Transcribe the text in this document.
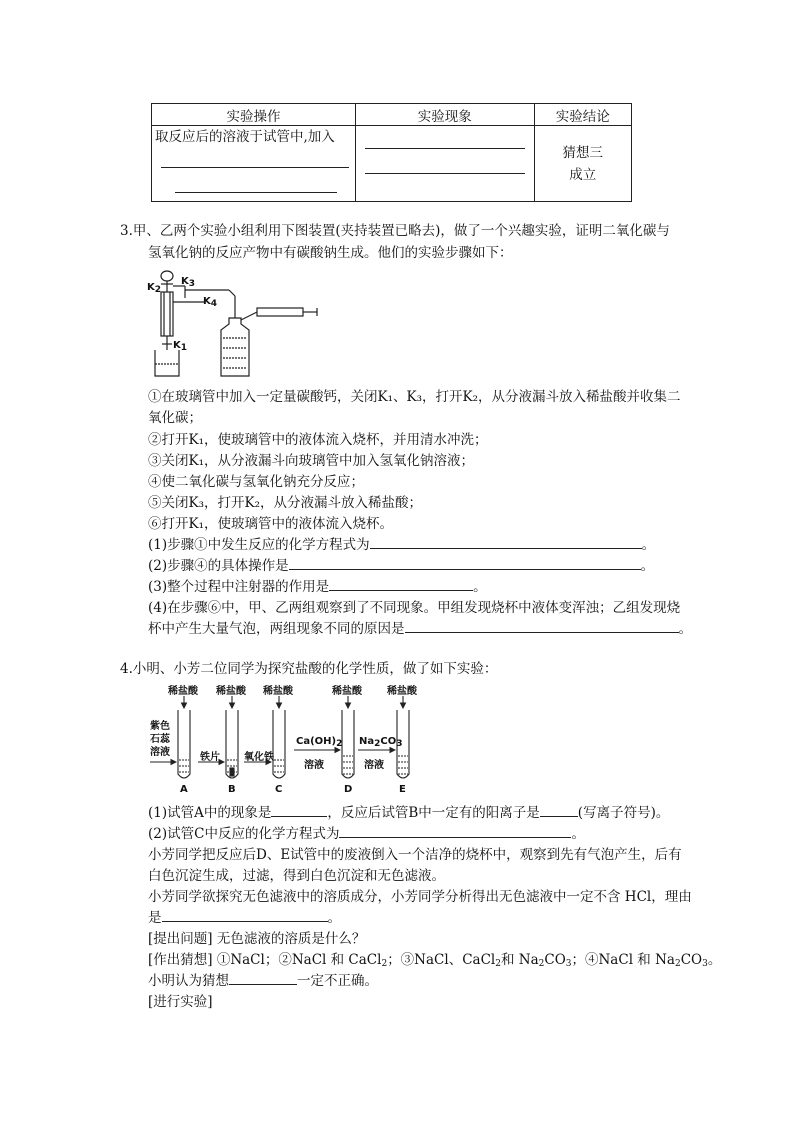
实验操作	实验现象	实验结论

取反应后的溶液于试管中,加入		猜想三
成立
3.甲、乙两个实验小组利用下图装置(夹持装置已略去)，做了一个兴趣实验，证明二氧化碳与
氢氧化钠的反应产物中有碳酸钠生成。他们的实验步骤如下：
K2
K3
K4
K1
①在玻璃管中加入一定量碳酸钙，关闭K₁、K₃，打开K₂，从分液漏斗放入稀盐酸并收集二
氧化碳；
②打开K₁，使玻璃管中的液体流入烧杯，并用清水冲洗；
③关闭K₁，从分液漏斗向玻璃管中加入氢氧化钠溶液；
④使二氧化碳与氢氧化钠充分反应；
⑤关闭K₃，打开K₂，从分液漏斗放入稀盐酸；
⑥打开K₁，使玻璃管中的液体流入烧杯。
(1)步骤①中发生反应的化学方程式为	。
(2)步骤④的具体操作是	。
(3)整个过程中注射器的作用是	。
(4)在步骤⑥中，甲、乙两组观察到了不同现象。甲组发现烧杯中液体变浑浊；乙组发现烧
杯中产生大量气泡，两组现象不同的原因是	。
4.小明、小芳二位同学为探究盐酸的化学性质，做了如下实验：
稀盐酸 稀盐酸 稀盐酸	稀盐酸	稀盐酸
紫色
石蕊
溶液	铁片 氧化铁
Ca(OH)2
溶液
Na2CO3
溶液
A	B	C	D	E
(1)试管A中的现象是	，反应后试管B中一定有的阳离子是	(写离子符号)。
(2)试管C中反应的化学方程式为	。
小芳同学把反应后D、E试管中的废液倒入一个洁净的烧杯中，观察到先有气泡产生，后有
白色沉淀生成，过滤，得到白色沉淀和无色滤液。
小芳同学欲探究无色滤液中的溶质成分，小芳同学分析得出无色滤液中一定不含 HCl，理由
是	。
[提出问题] 无色滤液的溶质是什么？
[作出猜想] ①NaCl；②NaCl 和 CaCl$_2$；③NaCl、CaCl$_2$和 $Na_2CO_3$；④NaCl 和 $Na_2CO_3$。
小明认为猜想	一定不正确。
[进行实验]
